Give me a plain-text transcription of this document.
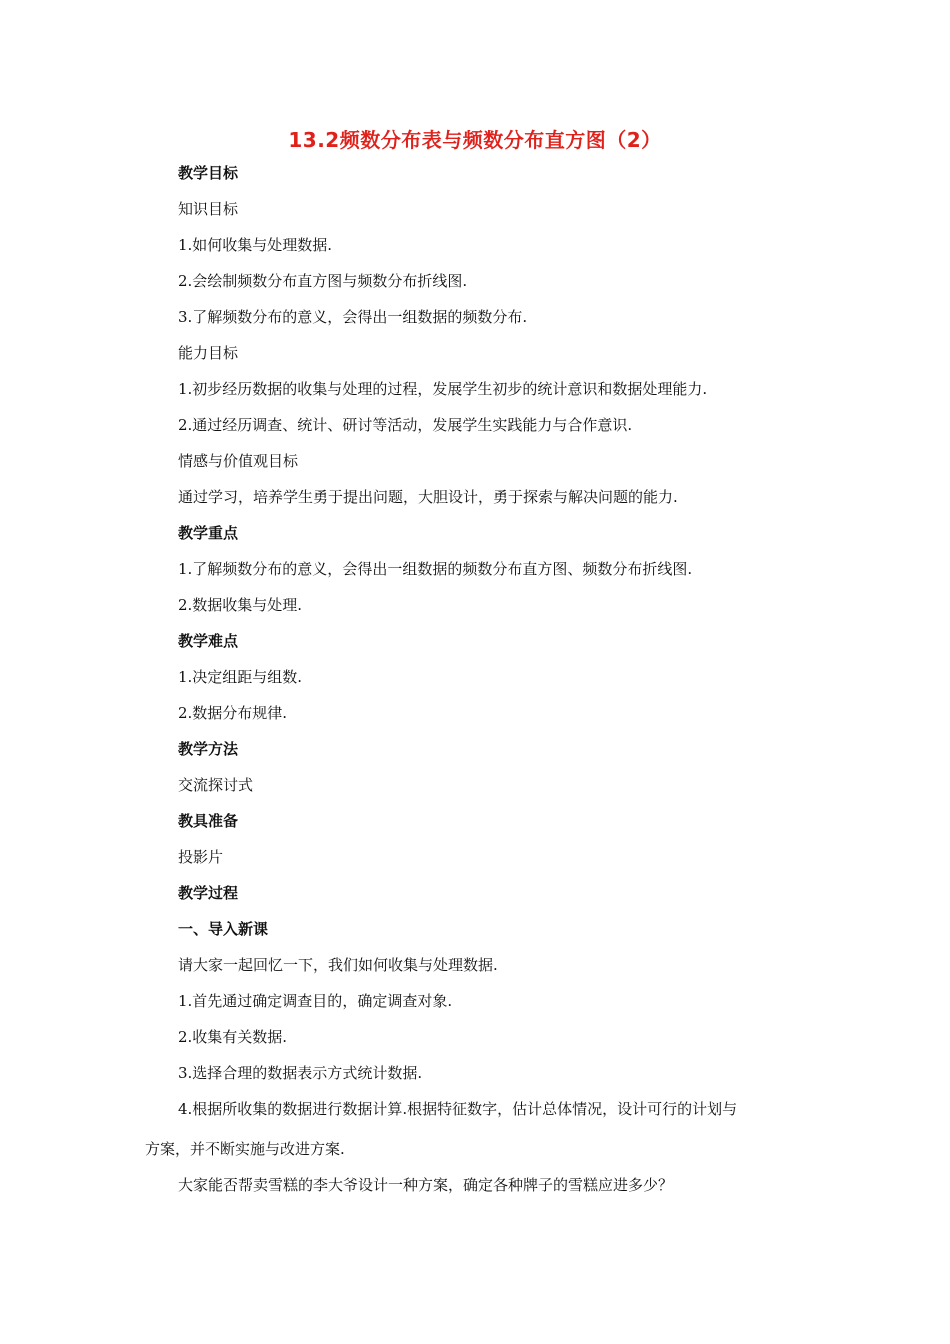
13.2频数分布表与频数分布直方图（2）
教学目标
知识目标
1.如何收集与处理数据.
2.会绘制频数分布直方图与频数分布折线图.
3.了解频数分布的意义，会得出一组数据的频数分布.
能力目标
1.初步经历数据的收集与处理的过程，发展学生初步的统计意识和数据处理能力.
2.通过经历调查、统计、研讨等活动，发展学生实践能力与合作意识.
情感与价值观目标
通过学习，培养学生勇于提出问题，大胆设计，勇于探索与解决问题的能力.
教学重点
1.了解频数分布的意义，会得出一组数据的频数分布直方图、频数分布折线图.
2.数据收集与处理.
教学难点
1.决定组距与组数.
2.数据分布规律.
教学方法
交流探讨式
教具准备
投影片
教学过程
一、导入新课
请大家一起回忆一下，我们如何收集与处理数据.
1.首先通过确定调查目的，确定调查对象.
2.收集有关数据.
3.选择合理的数据表示方式统计数据.
4.根据所收集的数据进行数据计算.根据特征数字，估计总体情况，设计可行的计划与
方案，并不断实施与改进方案.
大家能否帮卖雪糕的李大爷设计一种方案，确定各种牌子的雪糕应进多少？
